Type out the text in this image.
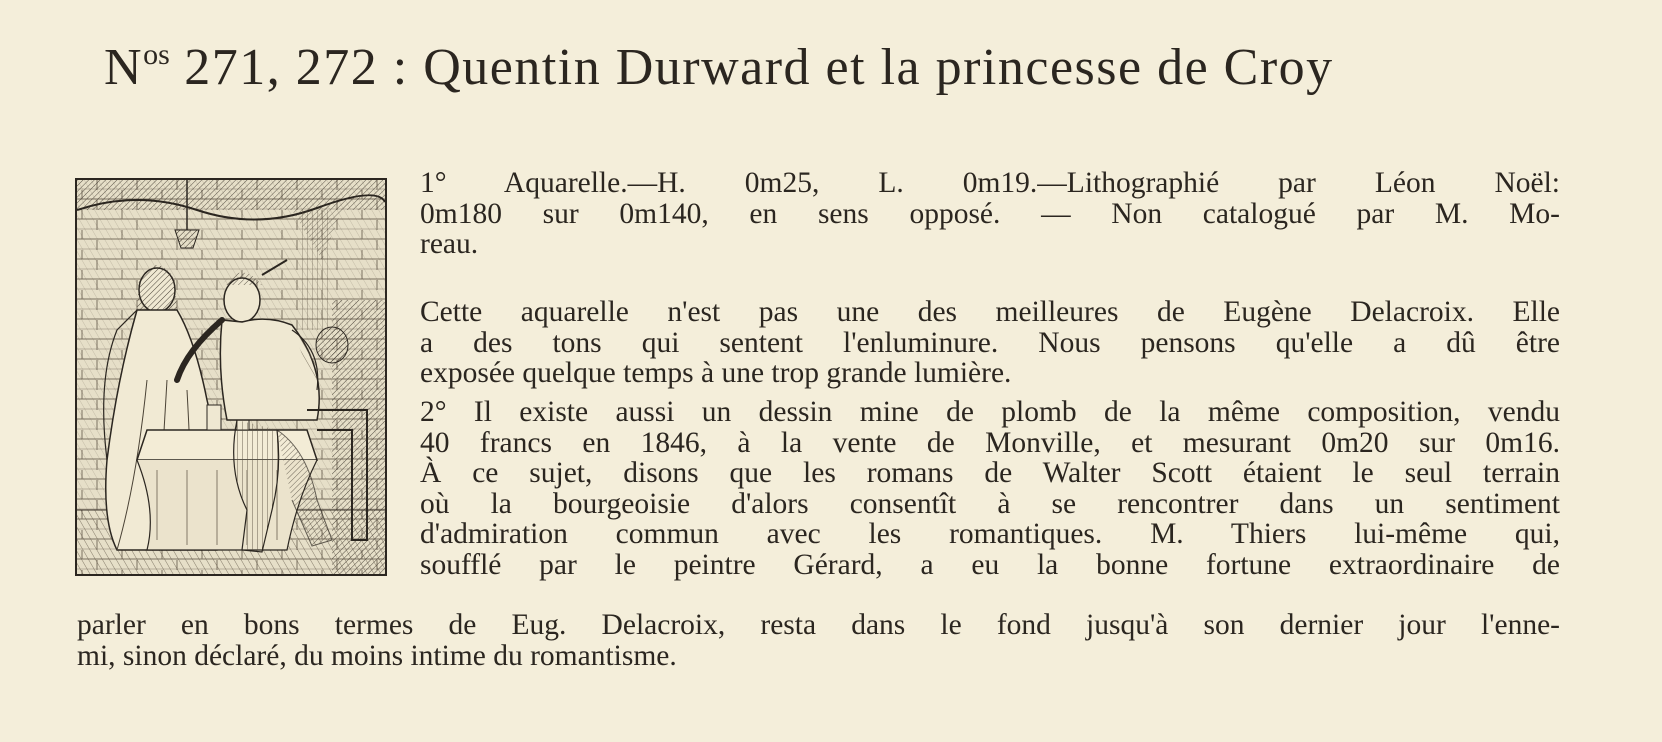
$N^{os}$ 271, 272 : Quentin Durward et la princesse de Croy

1° Aquarelle.—H. 0m25, L. 0m19.—Lithographié par Léon Noël:
0m180 sur 0m140, en sens opposé. — Non catalogué par M. Mo-
reau.

Cette aquarelle n'est pas une des meilleures de Eugène Delacroix. Elle
a des tons qui sentent l'enluminure. Nous pensons qu'elle a dû être
exposée quelque temps à une trop grande lumière.

2° Il existe aussi un dessin mine de plomb de la même composition, vendu
40 francs en 1846, à la vente de Monville, et mesurant 0m20 sur 0m16.
À ce sujet, disons que les romans de Walter Scott étaient le seul terrain
où la bourgeoisie d'alors consentît à se rencontrer dans un sentiment
d'admiration commun avec les romantiques. M. Thiers lui-même qui,
soufflé par le peintre Gérard, a eu la bonne fortune extraordinaire de

parler en bons termes de Eug. Delacroix, resta dans le fond jusqu'à son dernier jour l'enne-
mi, sinon déclaré, du moins intime du romantisme.
